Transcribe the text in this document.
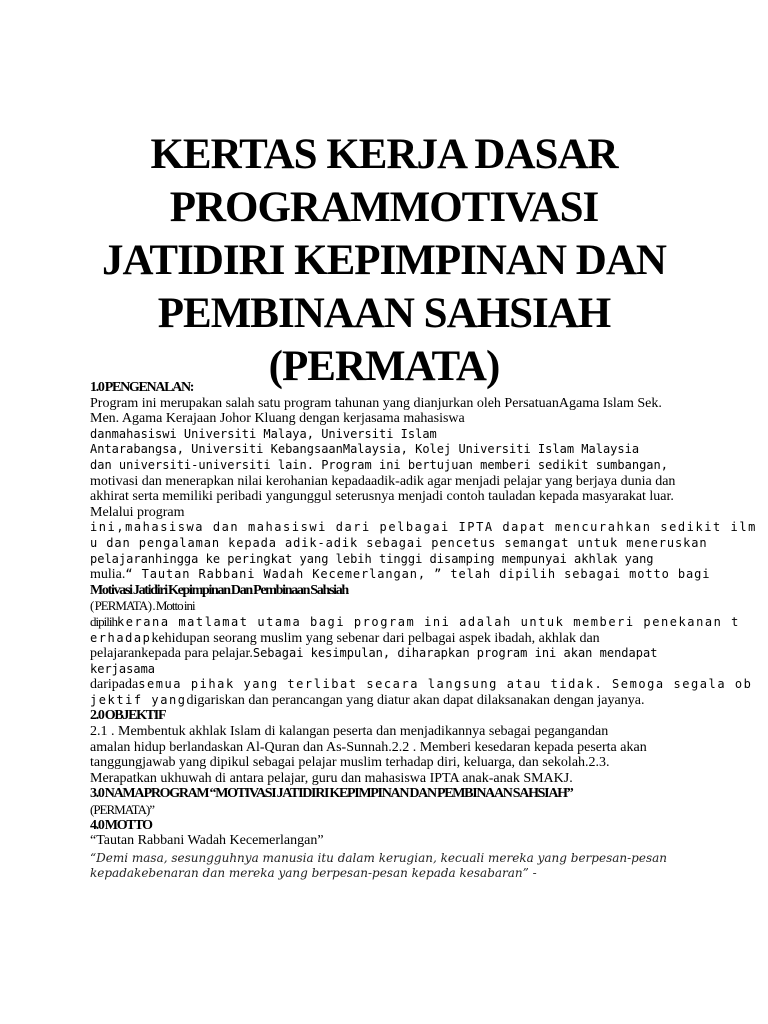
KERTAS KERJA DASAR
PROGRAMMOTIVASI
JATIDIRI KEPIMPINAN DAN
PEMBINAAN SAHSIAH
(PERMATA)
1.0 PENGENALAN:
Program ini merupakan salah satu program tahunan yang dianjurkan oleh PersatuanAgama Islam Sek.
Men. Agama Kerajaan Johor Kluang dengan kerjasama mahasiswa
danmahasiswi Universiti Malaya, Universiti Islam
Antarabangsa, Universiti KebangsaanMalaysia, Kolej Universiti Islam Malaysia
dan universiti-universiti lain. Program ini bertujuan memberi sedikit sumbangan,
motivasi dan menerapkan nilai kerohanian kepadaadik-adik agar menjadi pelajar yang berjaya dunia dan
akhirat serta memiliki peribadi yangunggul seterusnya menjadi contoh tauladan kepada masyarakat luar.
Melalui program
ini,mahasiswa dan mahasiswi dari pelbagai IPTA dapat mencurahkan sedikit ilm
u dan pengalaman kepada adik-adik sebagai pencetus semangat untuk meneruskan
pelajaranhingga ke peringkat yang lebih tinggi disamping mempunyai akhlak yang
mulia.“ Tautan Rabbani Wadah Kecemerlangan, ” telah dipilih sebagai motto bagi
Motivasi Jatidiri Kepimpinan Dan Pembinaan Sahsiah
( PERMATA ) . Motto ini
dipilihkerana matlamat utama bagi program ini adalah untuk memberi penekanan t
erhadapkehidupan seorang muslim yang sebenar dari pelbagai aspek ibadah, akhlak dan
pelajarankepada para pelajar.Sebagai kesimpulan, diharapkan program ini akan mendapat
kerjasama
daripadasemua pihak yang terlibat secara langsung atau tidak. Semoga segala ob
jektif yangdigariskan dan perancangan yang diatur akan dapat dilaksanakan dengan jayanya.
2.0 OBJEKTIF
2.1 . Membentuk akhlak Islam di kalangan peserta dan menjadikannya sebagai pegangandan
amalan hidup berlandaskan Al-Quran dan As-Sunnah.2.2 . Memberi kesedaran kepada peserta akan
tanggungjawab yang dipikul sebagai pelajar muslim terhadap diri, keluarga, dan sekolah.2.3.
Merapatkan ukhuwah di antara pelajar, guru dan mahasiswa IPTA anak-anak SMAKJ.
3.0 NAMA PROGRAM “MOTIVASI JATIDIRI KEPIMPINAN DAN PEMBINAAN SAHSIAH”
(PERMATA)”
4.0 MOTTO
“Tautan Rabbani Wadah Kecemerlangan”
“Demi masa, sesungguhnya manusia itu dalam kerugian, kecuali mereka yang berpesan-pesan
kepadakebenaran dan mereka yang berpesan-pesan kepada kesabaran” -
